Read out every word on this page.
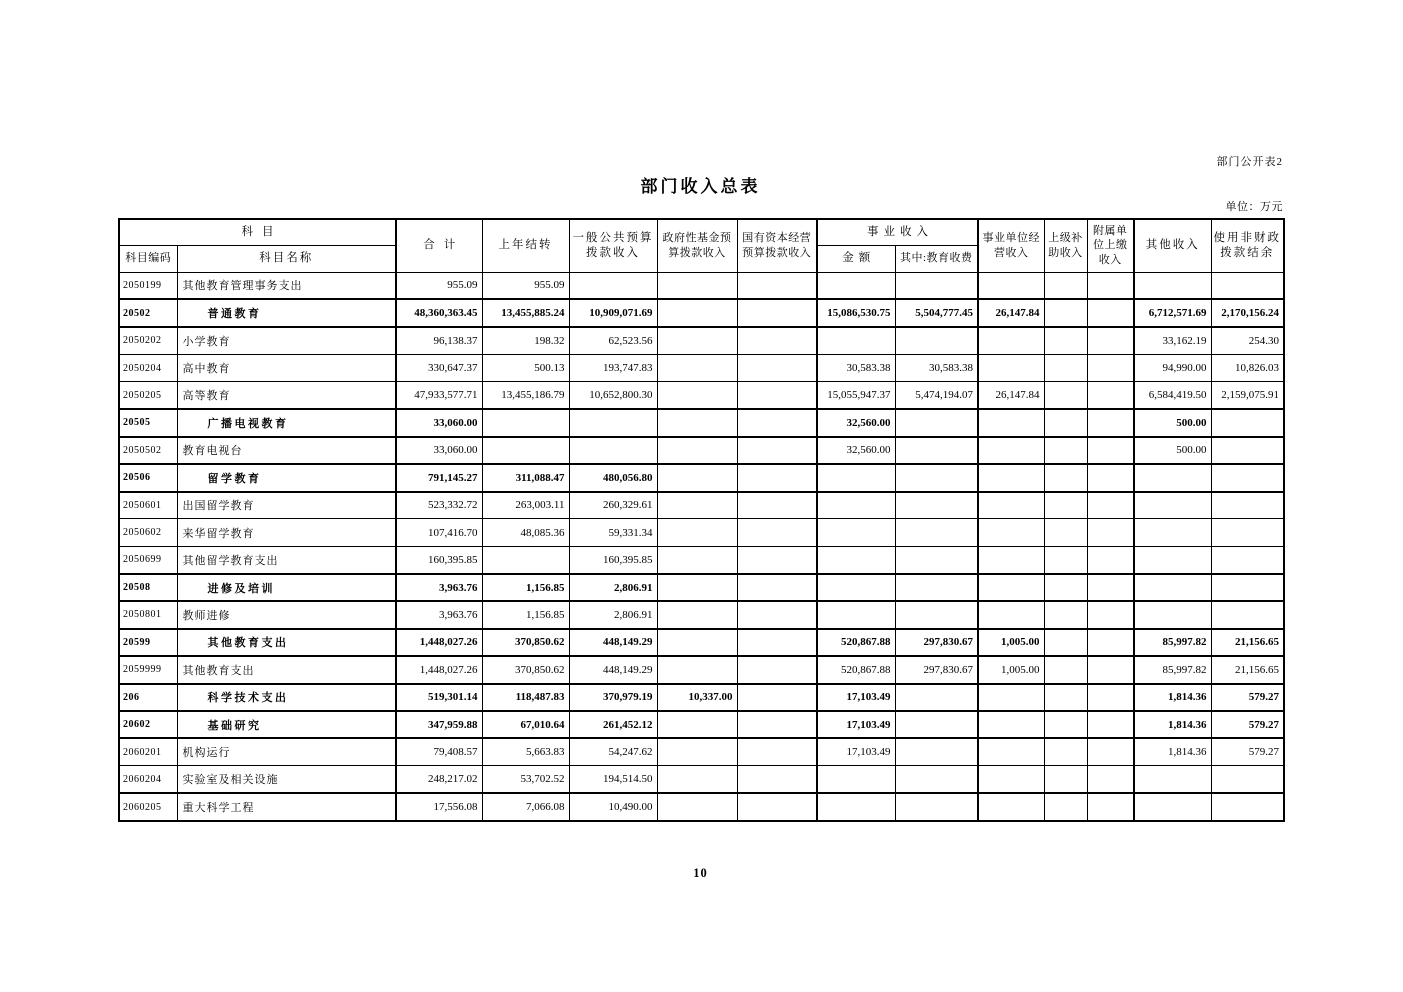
部门公开表2
部门收入总表
单位：万元
科目		合计	上年结转	一般公共预算拨款收入	政府性基金预算拨款收入	国有资本经营预算拨款收入	事业收入		事业单位经营收入	上级补助收入	附属单位上缴收入	其他收入	使用非财政拨款结余
科目编码	科目名称						金额	其中:教育收费					
2050199	其他教育管理事务支出	955.09	955.09										
20502	普通教育	48,360,363.45	13,455,885.24	10,909,071.69			15,086,530.75	5,504,777.45	26,147.84			6,712,571.69	2,170,156.24
2050202	小学教育	96,138.37	198.32	62,523.56								33,162.19	254.30
2050204	高中教育	330,647.37	500.13	193,747.83			30,583.38	30,583.38				94,990.00	10,826.03
2050205	高等教育	47,933,577.71	13,455,186.79	10,652,800.30			15,055,947.37	5,474,194.07	26,147.84			6,584,419.50	2,159,075.91
20505	广播电视教育	33,060.00					32,560.00					500.00	
2050502	教育电视台	33,060.00					32,560.00					500.00	
20506	留学教育	791,145.27	311,088.47	480,056.80									
2050601	出国留学教育	523,332.72	263,003.11	260,329.61									
2050602	来华留学教育	107,416.70	48,085.36	59,331.34									
2050699	其他留学教育支出	160,395.85		160,395.85									
20508	进修及培训	3,963.76	1,156.85	2,806.91									
2050801	教师进修	3,963.76	1,156.85	2,806.91									
20599	其他教育支出	1,448,027.26	370,850.62	448,149.29			520,867.88	297,830.67	1,005.00			85,997.82	21,156.65
2059999	其他教育支出	1,448,027.26	370,850.62	448,149.29			520,867.88	297,830.67	1,005.00			85,997.82	21,156.65
206	科学技术支出	519,301.14	118,487.83	370,979.19	10,337.00		17,103.49					1,814.36	579.27
20602	基础研究	347,959.88	67,010.64	261,452.12			17,103.49					1,814.36	579.27
2060201	机构运行	79,408.57	5,663.83	54,247.62			17,103.49					1,814.36	579.27
2060204	实验室及相关设施	248,217.02	53,702.52	194,514.50									
2060205	重大科学工程	17,556.08	7,066.08	10,490.00									
10
